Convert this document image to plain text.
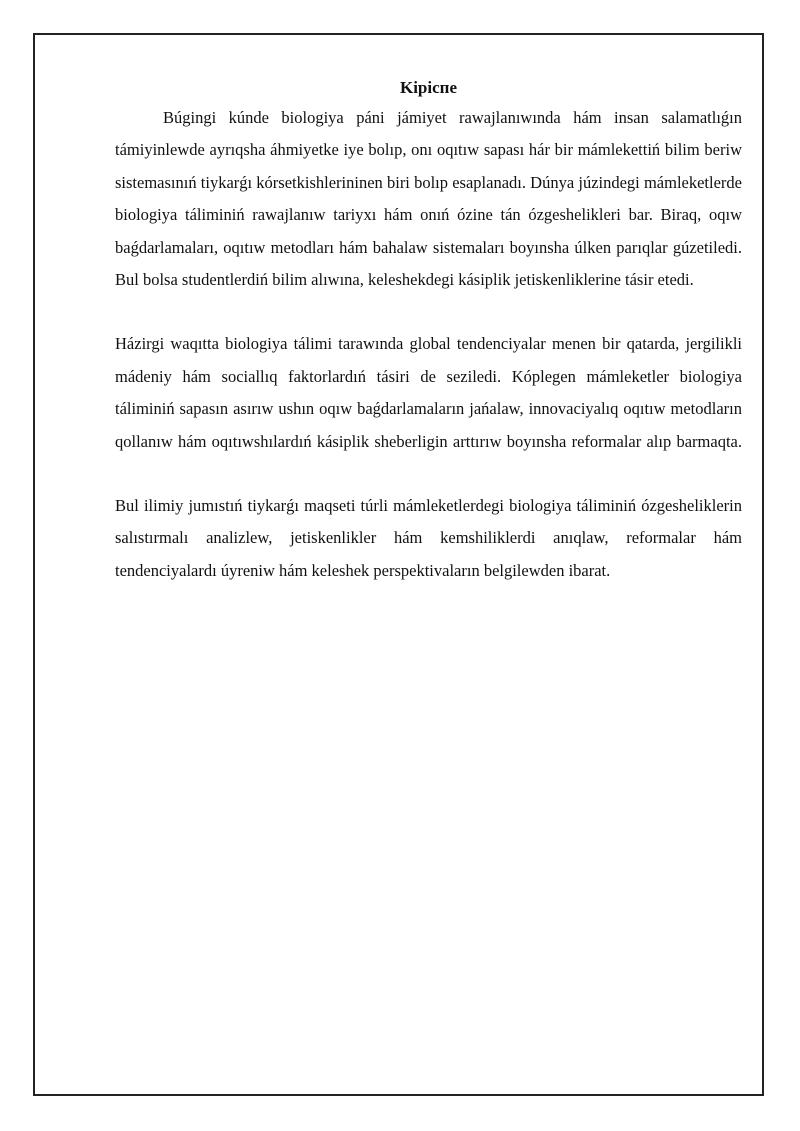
Kipicпe

Búgingi kúnde biologiya páni jámiyet rawajlanıwında hám insan salamatlıǵın támiyinlewde ayrıqsha áhmiyetke iye bolıp, onı oqıtıw sapası hár bir mámlekettiń bilim beriw sistemasınıń tiykarǵı kórsetkishlerininen biri bolıp esaplanadı. Dúnya júzindegi mámleketlerde biologiya táliminiń rawajlanıw tariyxı hám onıń ózine tán ózgeshelikleri bar. Biraq, oqıw baǵdarlamaları, oqıtıw metodları hám bahalaw sistemaları boyınsha úlken parıqlar gúzetiledi. Bul bolsa studentlerdiń bilim alıwına, keleshekdegi kásiplik jetiskenliklerine tásir etedi.

Házirgi waqıtta biologiya tálimi tarawında global tendenciyalar menen bir qatarda, jergilikli mádeniy hám sociallıq faktorlardıń tásiri de seziledi. Kóplegen mámleketler biologiya táliminiń sapasın asırıw ushın oqıw baǵdarlamaların jańalaw, innovaciyalıq oqıtıw metodların qollanıw hám oqıtıwshılardıń kásiplik sheberligin arttırıw boyınsha reformalar alıp barmaqta.

Bul ilimiy jumıstıń tiykarǵı maqseti túrli mámleketlerdegi biologiya táliminiń ózgesheliklerin salıstırmalı analizlew, jetiskenlikler hám kemshiliklerdi anıqlaw, reformalar hám tendenciyalardı úyreniw hám keleshek perspektivaların belgilewden ibarat.
